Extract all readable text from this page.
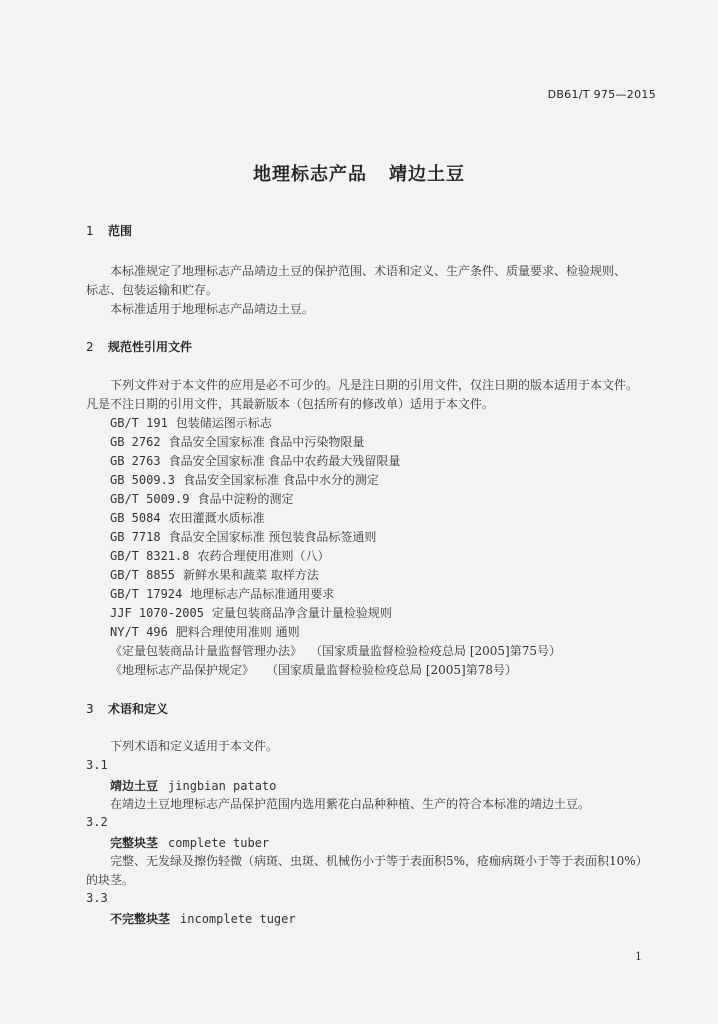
DB61/T 975—2015
地理标志产品 靖边土豆
1 范围
本标准规定了地理标志产品靖边土豆的保护范围、术语和定义、生产条件、质量要求、检验规则、
标志、包装运输和贮存。
本标准适用于地理标志产品靖边土豆。
2 规范性引用文件
下列文件对于本文件的应用是必不可少的。凡是注日期的引用文件，仅注日期的版本适用于本文件。
凡是不注日期的引用文件，其最新版本（包括所有的修改单）适用于本文件。
GB/T 191 包装储运图示标志
GB 2762 食品安全国家标准 食品中污染物限量
GB 2763 食品安全国家标准 食品中农药最大残留限量
GB 5009.3 食品安全国家标准 食品中水分的测定
GB/T 5009.9 食品中淀粉的测定
GB 5084 农田灌溉水质标准
GB 7718 食品安全国家标准 预包装食品标签通则
GB/T 8321.8 农药合理使用准则（八）
GB/T 8855 新鲜水果和蔬菜 取样方法
GB/T 17924 地理标志产品标准通用要求
JJF 1070-2005 定量包装商品净含量计量检验规则
NY/T 496 肥料合理使用准则 通则
《定量包装商品计量监督管理办法》 （国家质量监督检验检疫总局 [2005]第75号）
《地理标志产品保护规定》 （国家质量监督检验检疫总局 [2005]第78号）
3 术语和定义
下列术语和定义适用于本文件。
3.1
靖边土豆 jingbian patato
在靖边土豆地理标志产品保护范围内选用紫花白品种种植、生产的符合本标准的靖边土豆。
3.2
完整块茎 complete tuber
完整、无发绿及擦伤轻微（病斑、虫斑、机械伤小于等于表面积5%，疮痂病斑小于等于表面积10%）
的块茎。
3.3
不完整块茎 incomplete tuger
1
